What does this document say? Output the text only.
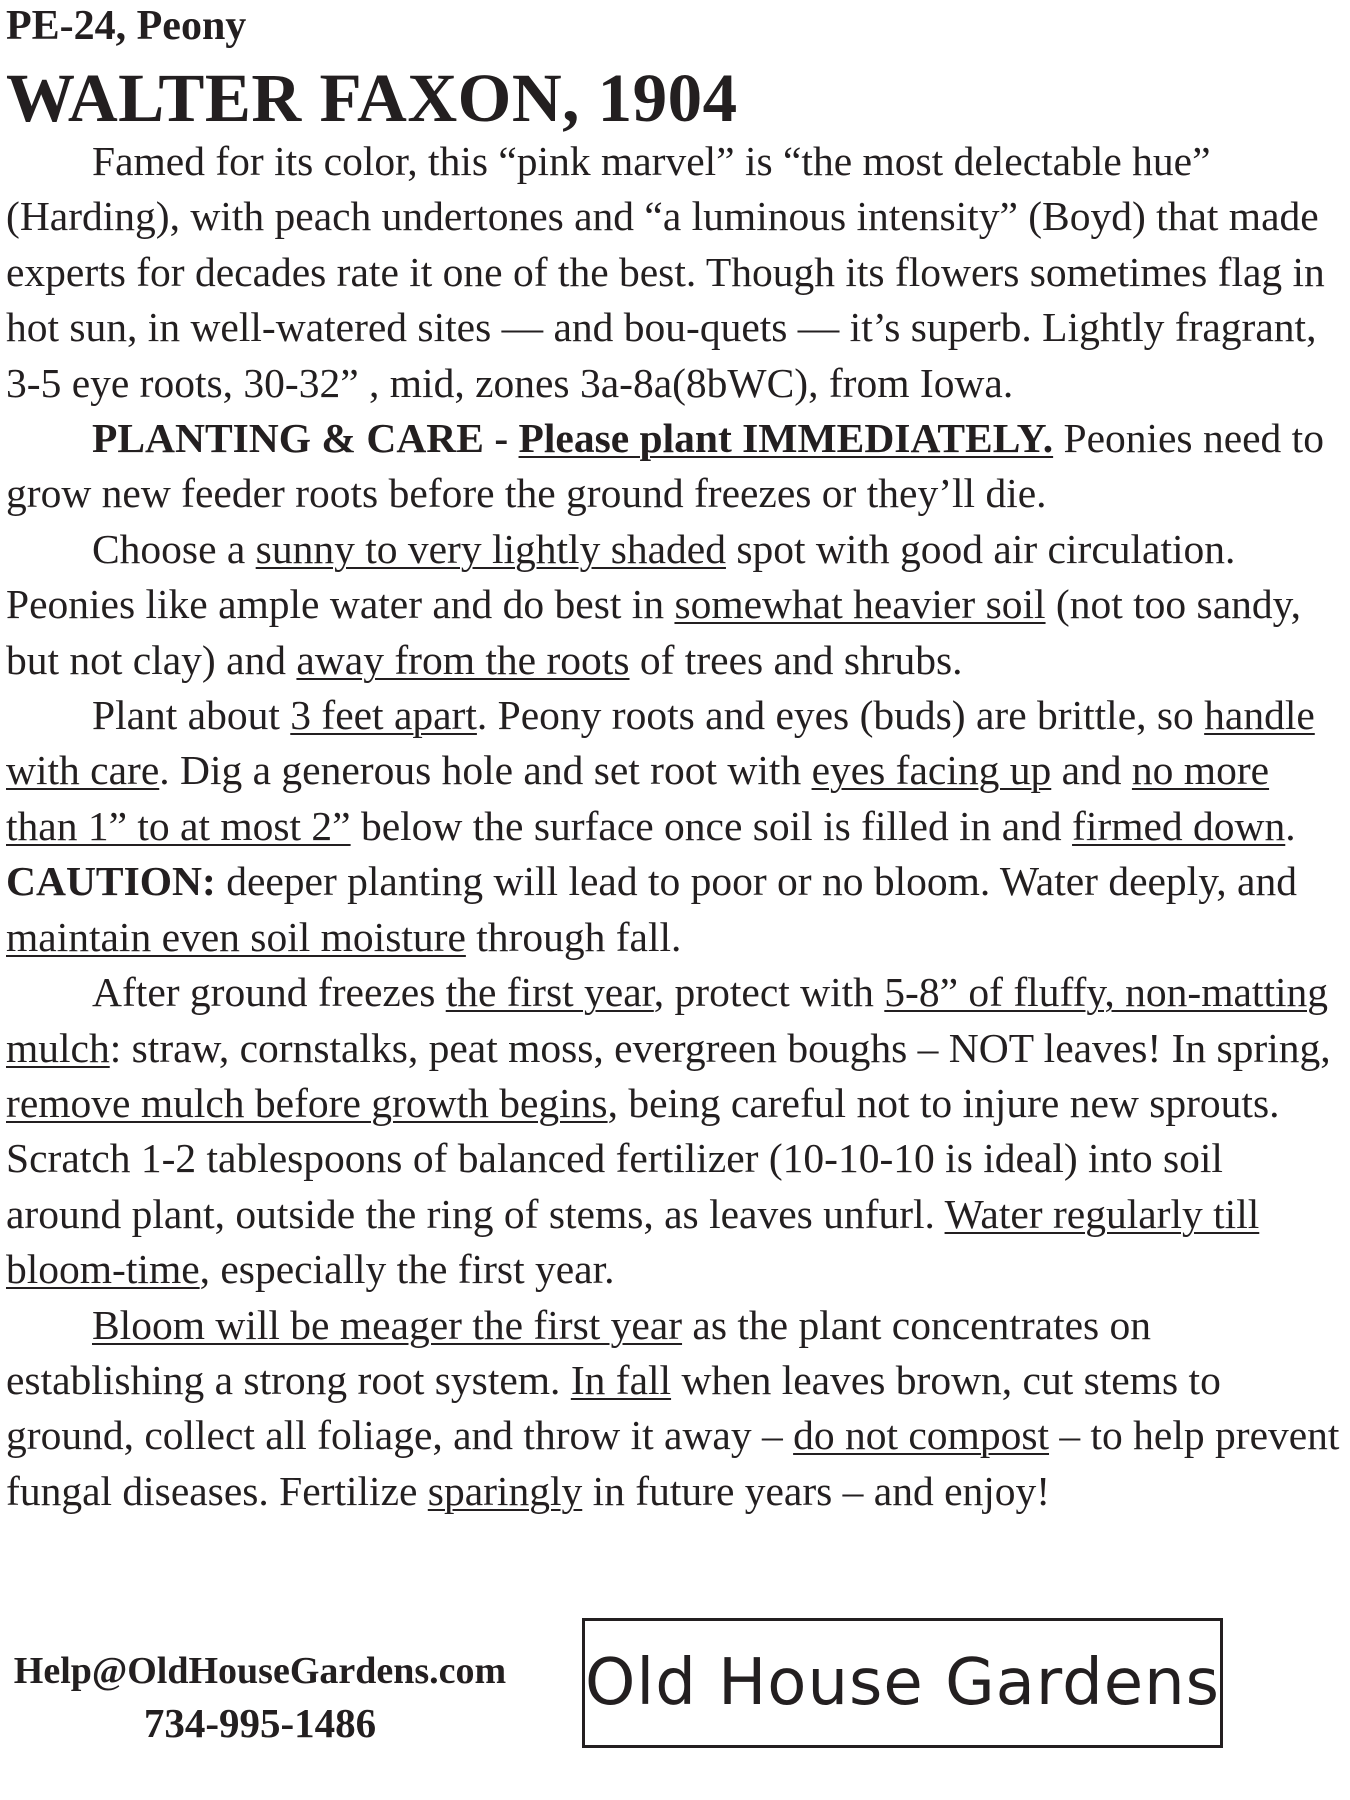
PE-24, Peony
WALTER FAXON, 1904

Famed for its color, this “pink marvel” is “the most delectable hue” (Harding), with peach undertones and “a luminous intensity” (Boyd) that made experts for decades rate it one of the best. Though its flowers sometimes flag in hot sun, in well-watered sites — and bou-quets — it’s superb. Lightly fragrant, 3-5 eye roots, 30-32” , mid, zones 3a-8a(8bWC), from Iowa.

PLANTING & CARE - Please plant IMMEDIATELY. Peonies need to grow new feeder roots before the ground freezes or they’ll die.

Choose a sunny to very lightly shaded spot with good air circulation. Peonies like ample water and do best in somewhat heavier soil (not too sandy, but not clay) and away from the roots of trees and shrubs.

Plant about 3 feet apart. Peony roots and eyes (buds) are brittle, so handle with care. Dig a generous hole and set root with eyes facing up and no more than 1” to at most 2” below the surface once soil is filled in and firmed down. CAUTION: deeper planting will lead to poor or no bloom. Water deeply, and maintain even soil moisture through fall.

After ground freezes the first year, protect with 5-8” of fluffy, non-matting mulch: straw, cornstalks, peat moss, evergreen boughs – NOT leaves! In spring, remove mulch before growth begins, being careful not to injure new sprouts. Scratch 1-2 tablespoons of balanced fertilizer (10-10-10 is ideal) into soil around plant, outside the ring of stems, as leaves unfurl. Water regularly till bloom-time, especially the first year.

Bloom will be meager the first year as the plant concentrates on establishing a strong root system. In fall when leaves brown, cut stems to ground, collect all foliage, and throw it away – do not compost – to help prevent fungal diseases. Fertilize sparingly in future years – and enjoy!

Help@OldHouseGardens.com
734-995-1486
Old House Gardens
